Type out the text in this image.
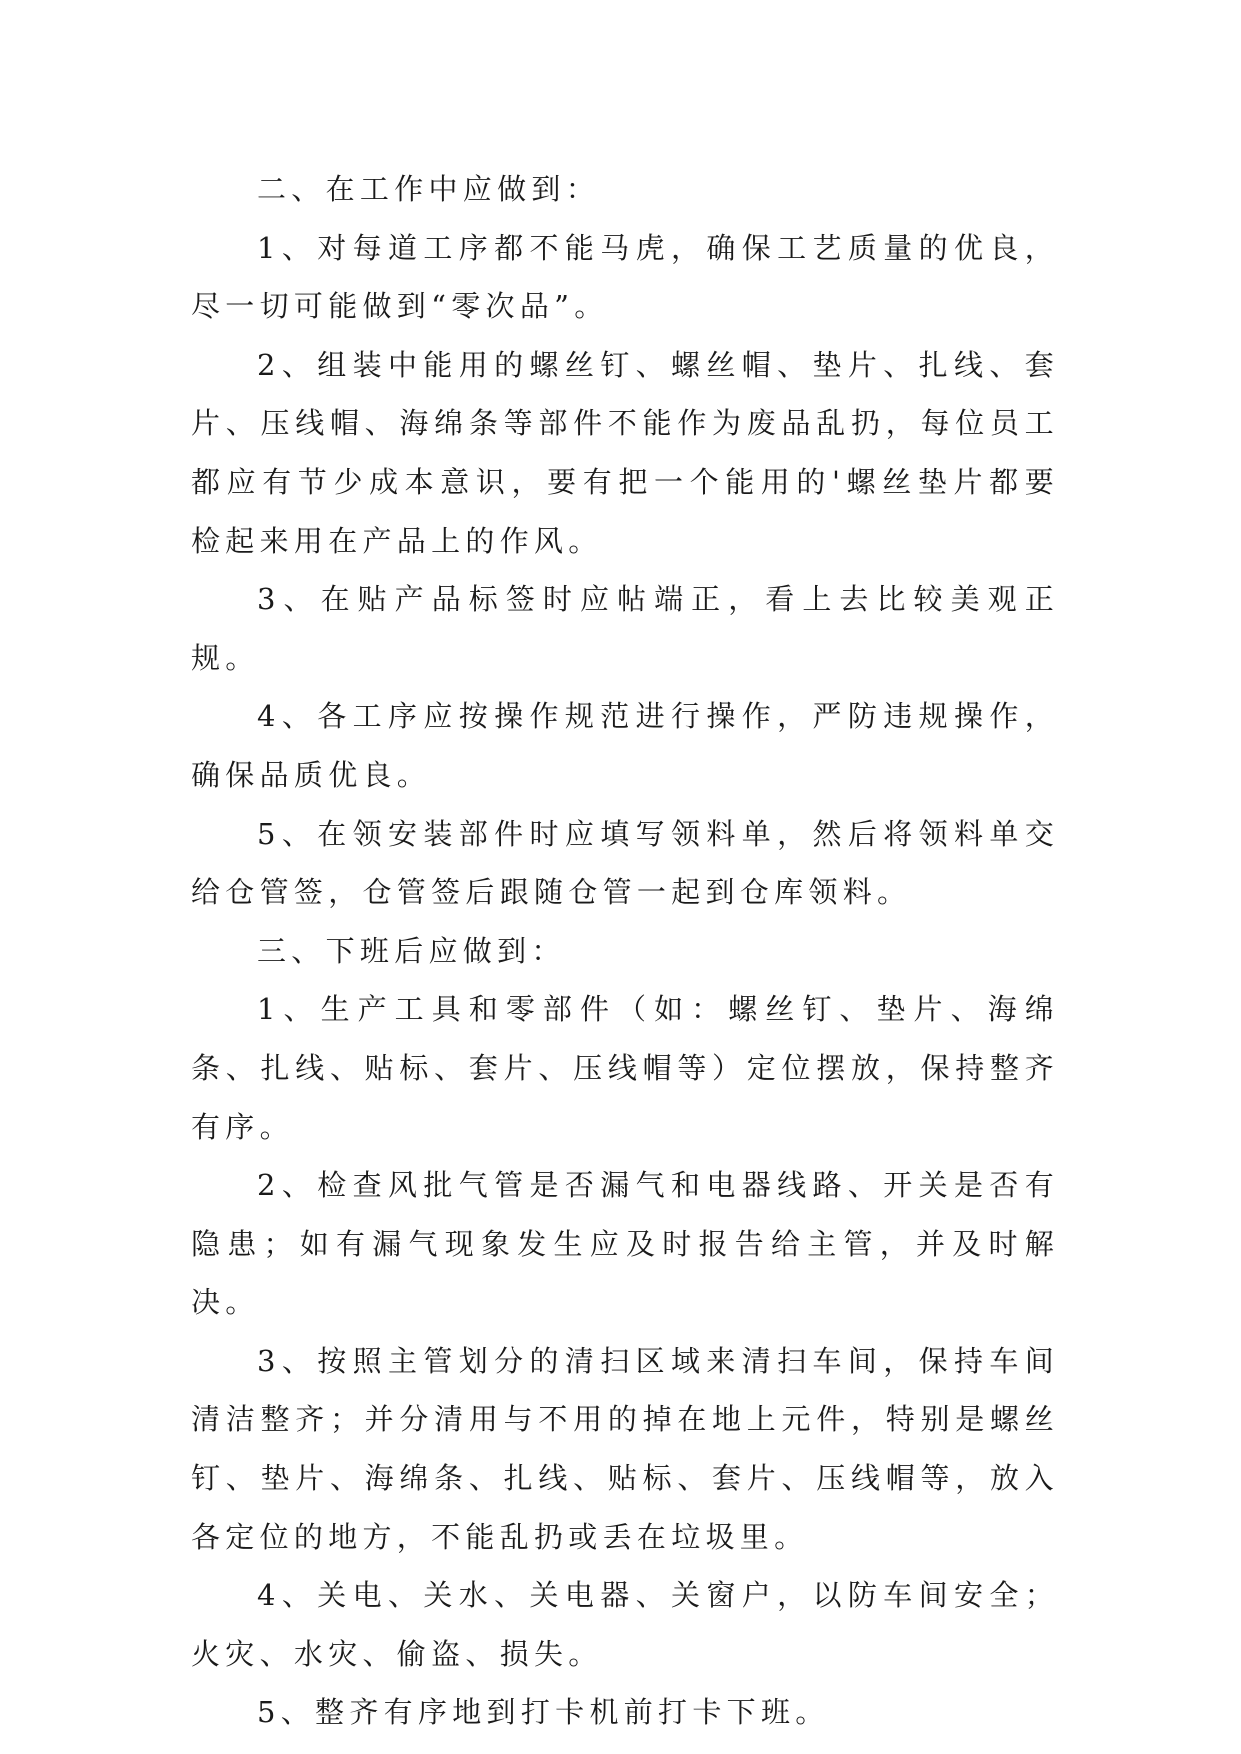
二、在工作中应做到：

1、对每道工序都不能马虎，确保工艺质量的优良，尽一切可能做到“零次品”。

2、组装中能用的螺丝钉、螺丝帽、垫片、扎线、套片、压线帽、海绵条等部件不能作为废品乱扔，每位员工都应有节少成本意识，要有把一个能用的'螺丝垫片都要检起来用在产品上的作风。

3、在贴产品标签时应帖端正，看上去比较美观正规。

4、各工序应按操作规范进行操作，严防违规操作，确保品质优良。

5、在领安装部件时应填写领料单，然后将领料单交给仓管签，仓管签后跟随仓管一起到仓库领料。

三、下班后应做到：

1、生产工具和零部件（如：螺丝钉、垫片、海绵条、扎线、贴标、套片、压线帽等）定位摆放，保持整齐有序。

2、检查风批气管是否漏气和电器线路、开关是否有隐患；如有漏气现象发生应及时报告给主管，并及时解决。

3、按照主管划分的清扫区域来清扫车间，保持车间清洁整齐；并分清用与不用的掉在地上元件，特别是螺丝钉、垫片、海绵条、扎线、贴标、套片、压线帽等，放入各定位的地方，不能乱扔或丢在垃圾里。

4、关电、关水、关电器、关窗户，以防车间安全；火灾、水灾、偷盗、损失。

5、整齐有序地到打卡机前打卡下班。
